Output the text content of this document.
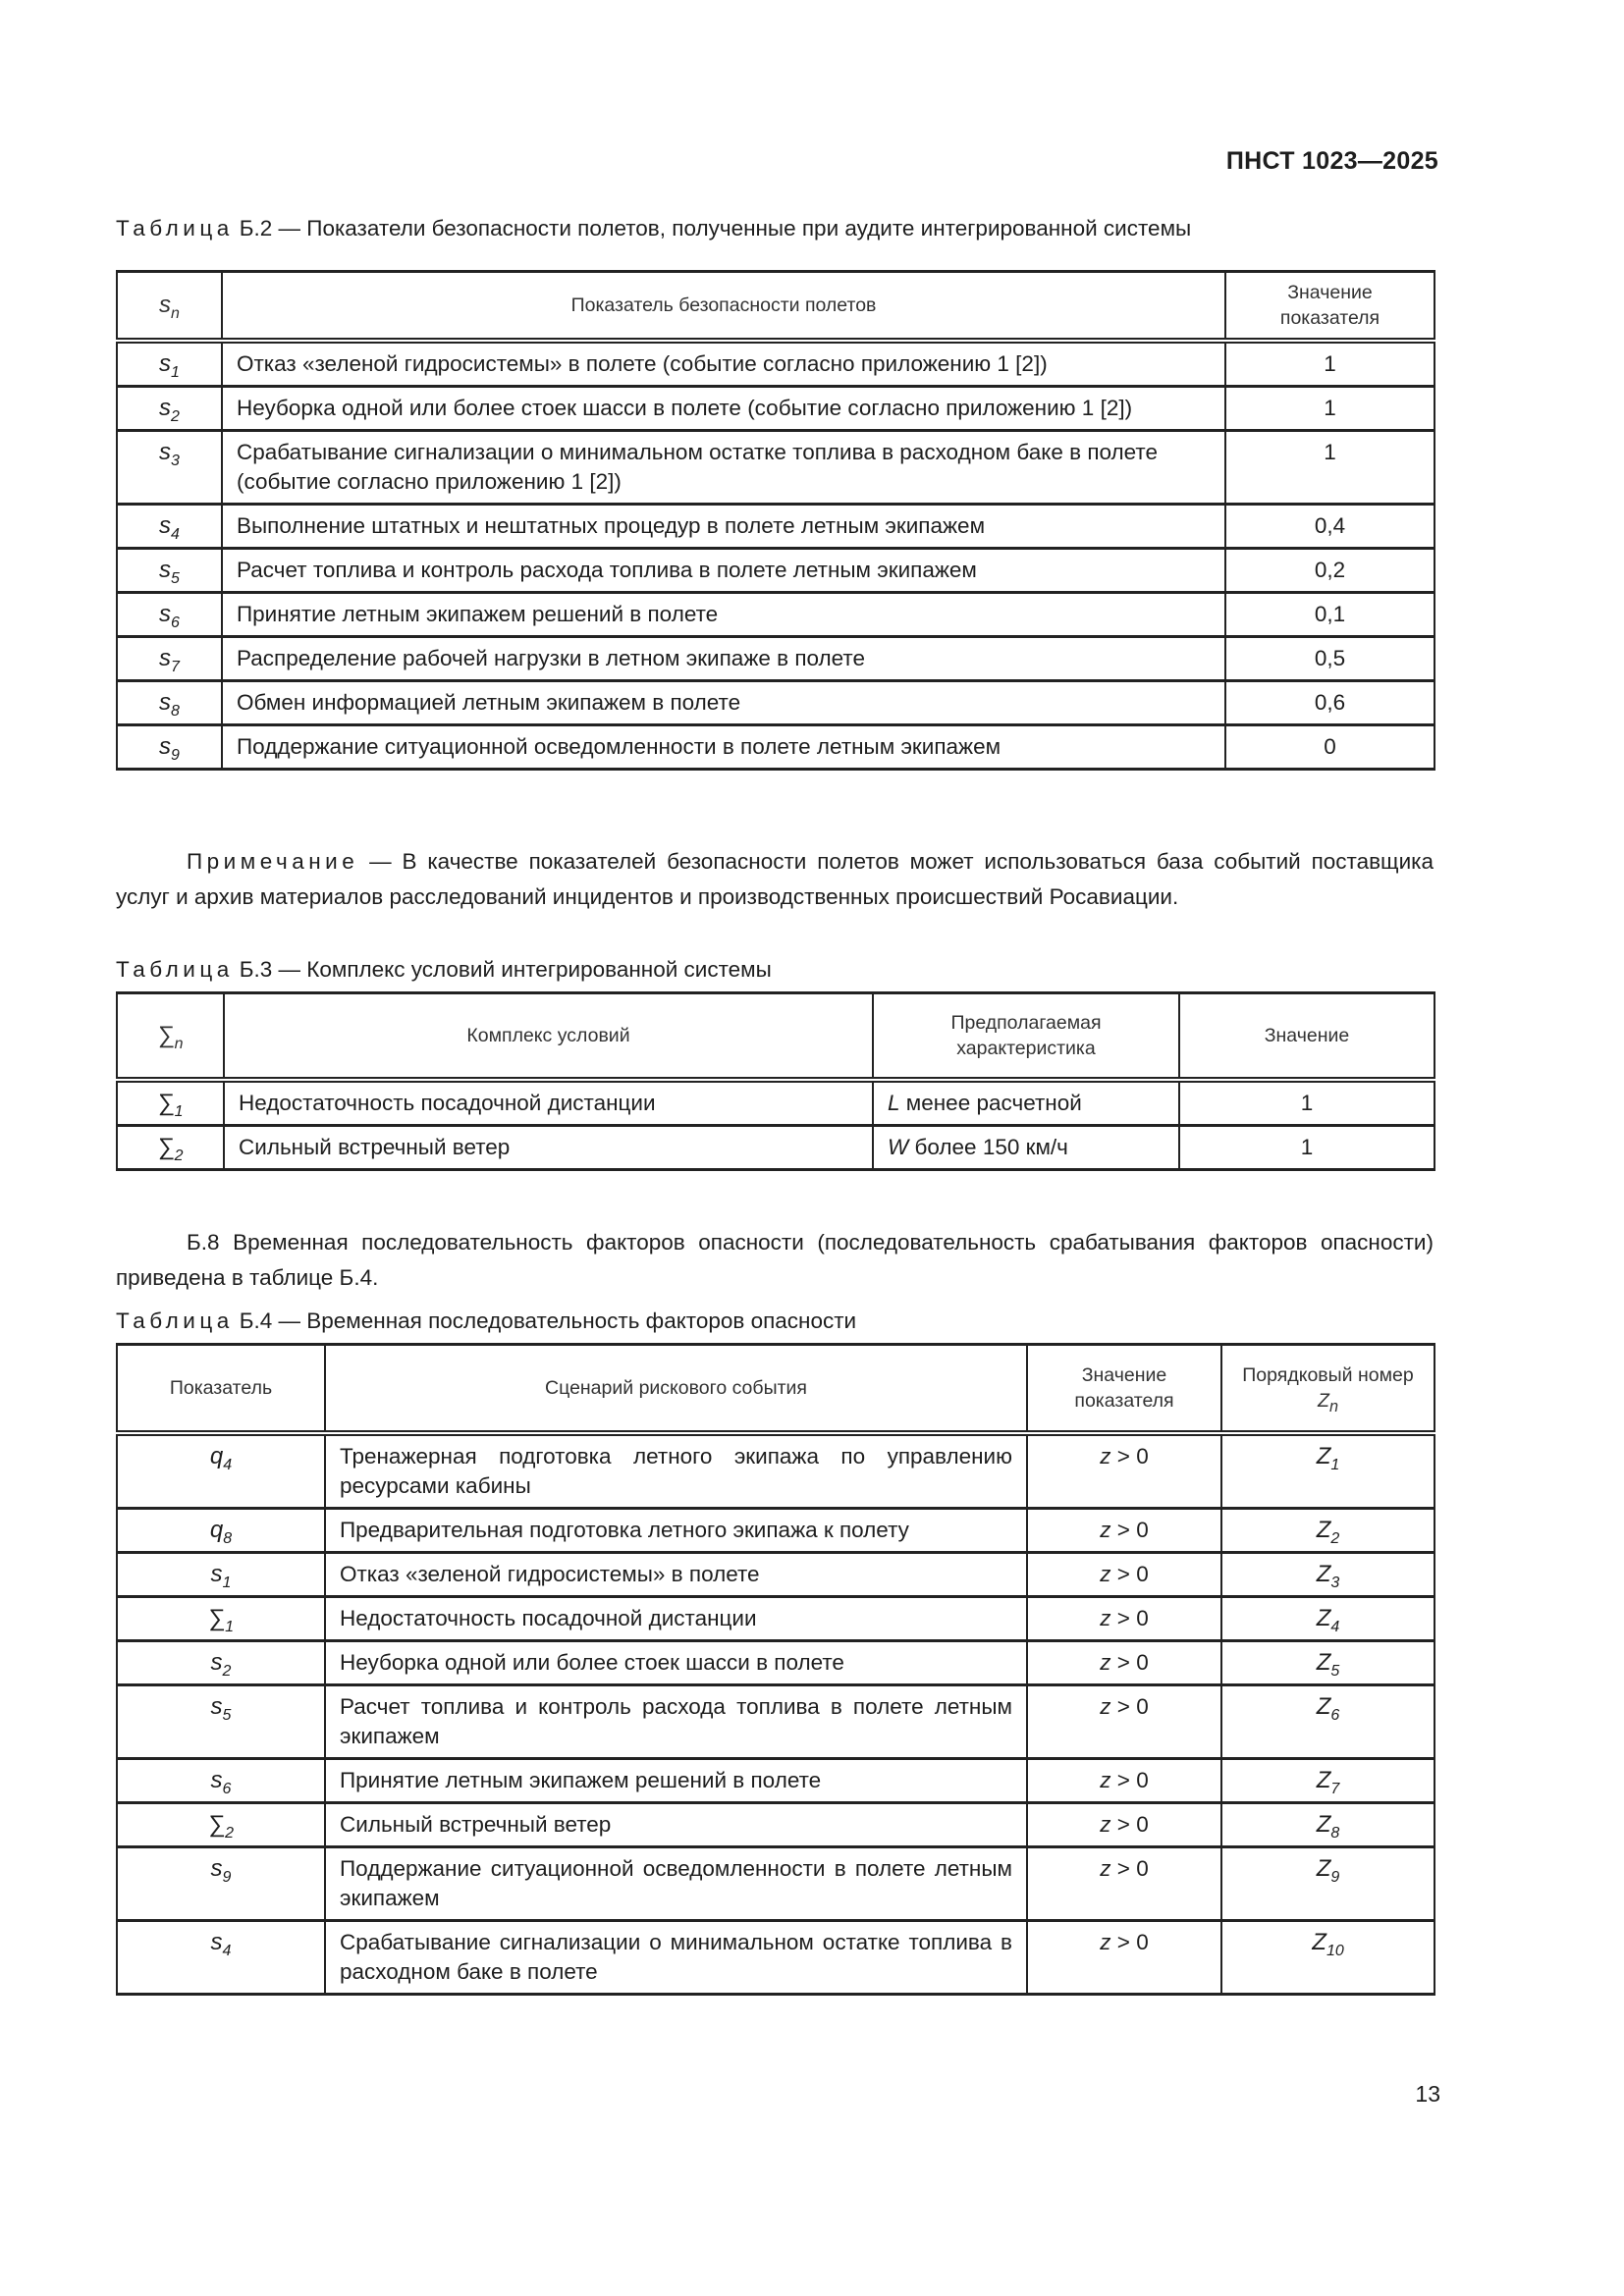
ПНСТ 1023—2025
Таблица Б.2 — Показатели безопасности полетов, полученные при аудите интегрированной системы
$s_n$	Показатель безопасности полетов	Значение показателя
$s_1$	Отказ «зеленой гидросистемы» в полете (событие согласно приложению 1 [2])	1
$s_2$	Неуборка одной или более стоек шасси в полете (событие согласно приложению 1 [2])	1
$s_3$	Срабатывание сигнализации о минимальном остатке топлива в расходном баке в полете (событие согласно приложению 1 [2])	1
$s_4$	Выполнение штатных и нештатных процедур в полете летным экипажем	0,4
$s_5$	Расчет топлива и контроль расхода топлива в полете летным экипажем	0,2
$s_6$	Принятие летным экипажем решений в полете	0,1
$s_7$	Распределение рабочей нагрузки в летном экипаже в полете	0,5
$s_8$	Обмен информацией летным экипажем в полете	0,6
$s_9$	Поддержание ситуационной осведомленности в полете летным экипажем	0
Примечание — В качестве показателей безопасности полетов может использоваться база событий поставщика услуг и архив материалов расследований инцидентов и производственных происшествий Росавиации.
Таблица Б.3 — Комплекс условий интегрированной системы
$\sum_n$	Комплекс условий	Предполагаемая характеристика	Значение
$\sum_1$	Недостаточность посадочной дистанции	L менее расчетной	1
$\sum_2$	Сильный встречный ветер	W более 150 км/ч	1
Б.8 Временная последовательность факторов опасности (последовательность срабатывания факторов опасности) приведена в таблице Б.4.
Таблица Б.4 — Временная последовательность факторов опасности
Показатель	Сценарий рискового события	Значение показателя	Порядковый номер $Z_n$
$q_4$	Тренажерная подготовка летного экипажа по управлению ресурсами кабины	z > 0	$Z_1$
$q_8$	Предварительная подготовка летного экипажа к полету	z > 0	$Z_2$
$s_1$	Отказ «зеленой гидросистемы» в полете	z > 0	$Z_3$
$\sum_1$	Недостаточность посадочной дистанции	z > 0	$Z_4$
$s_2$	Неуборка одной или более стоек шасси в полете	z > 0	$Z_5$
$s_5$	Расчет топлива и контроль расхода топлива в полете летным экипажем	z > 0	$Z_6$
$s_6$	Принятие летным экипажем решений в полете	z > 0	$Z_7$
$\sum_2$	Сильный встречный ветер	z > 0	$Z_8$
$s_9$	Поддержание ситуационной осведомленности в полете летным экипажем	z > 0	$Z_9$
$s_4$	Срабатывание сигнализации о минимальном остатке топлива в расходном баке в полете	z > 0	$Z_{10}$
13
